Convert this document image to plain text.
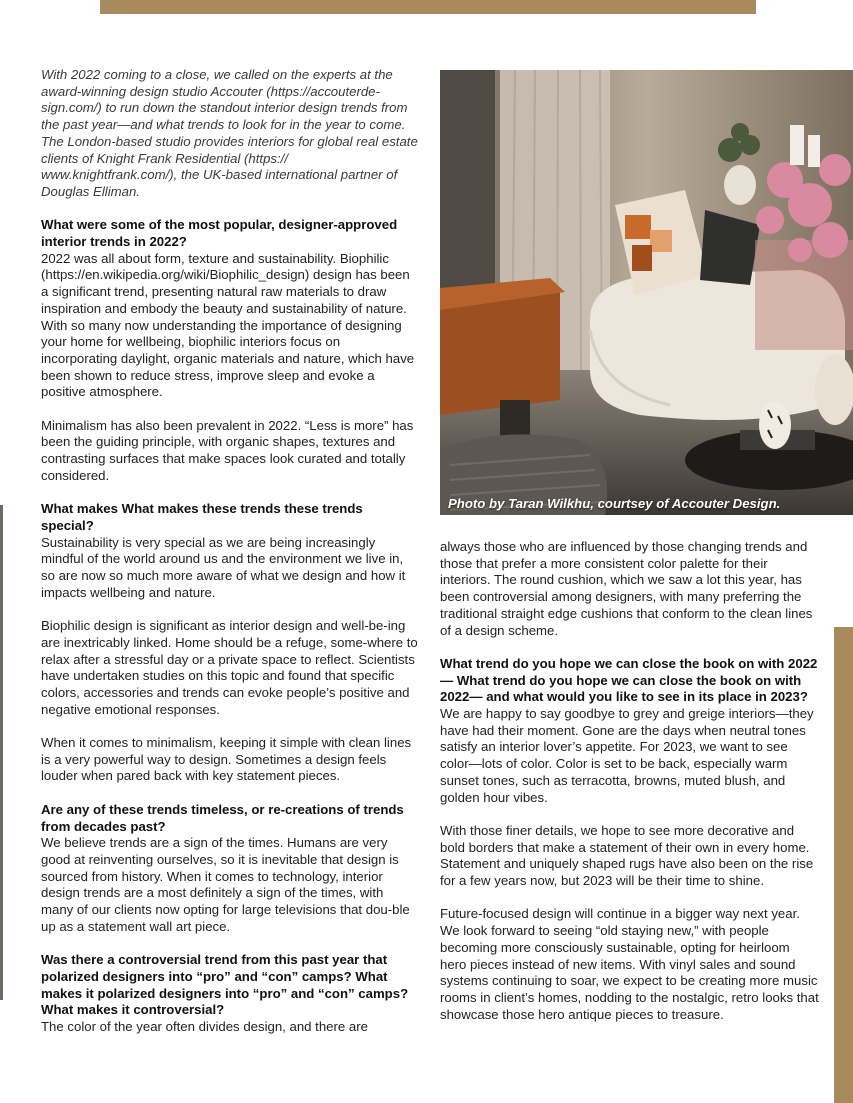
With 2022 coming to a close, we called on the experts at the award-winning design studio Accouter (https://accouterde-sign.com/) to run down the standout interior design trends from the past year—and what trends to look for in the year to come. The London-based studio provides interiors for global real estate clients of Knight Frank Residential (https:// www.knightfrank.com/), the UK-based international partner of Douglas Elliman.

What were some of the most popular, designer-approved interior trends in 2022?

2022 was all about form, texture and sustainability. Biophilic (https://en.wikipedia.org/wiki/Biophilic_design) design has been a significant trend, presenting natural raw materials to draw inspiration and embody the beauty and sustainability of nature. With so many now understanding the importance of designing your home for wellbeing, biophilic interiors focus on incorporating daylight, organic materials and nature, which have been shown to reduce stress, improve sleep and evoke a positive atmosphere.

Minimalism has also been prevalent in 2022. “Less is more” has been the guiding principle, with organic shapes, textures and contrasting surfaces that make spaces look curated and totally considered.

What makes What makes these trends these trends special?

Sustainability is very special as we are being increasingly mindful of the world around us and the environment we live in, so are now so much more aware of what we design and how it impacts wellbeing and nature.

Biophilic design is significant as interior design and well-be-ing are inextricably linked. Home should be a refuge, some-where to relax after a stressful day or a private space to reflect. Scientists have undertaken studies on this topic and found that specific colors, accessories and trends can evoke people’s positive and negative emotional responses.

When it comes to minimalism, keeping it simple with clean lines is a very powerful way to design. Sometimes a design feels louder when pared back with key statement pieces.

Are any of these trends timeless, or re-creations of trends from decades past?

We believe trends are a sign of the times. Humans are very good at reinventing ourselves, so it is inevitable that design is sourced from history. When it comes to technology, interior design trends are a most definitely a sign of the times, with many of our clients now opting for large televisions that dou-ble up as a statement wall art piece.

Was there a controversial trend from this past year that polarized designers into “pro” and “con” camps? What makes it polarized designers into “pro” and “con” camps? What makes it controversial?

The color of the year often divides design, and there are

Photo by Taran Wilkhu, courtsey of Accouter Design.

always those who are influenced by those changing trends and those that prefer a more consistent color palette for their interiors. The round cushion, which we saw a lot this year, has been controversial among designers, with many preferring the traditional straight edge cushions that conform to the clean lines of a design scheme.

What trend do you hope we can close the book on with 2022— What trend do you hope we can close the book on with 2022— and what would you like to see in its place in 2023?

We are happy to say goodbye to grey and greige interiors—they have had their moment. Gone are the days when neutral tones satisfy an interior lover’s appetite. For 2023, we want to see color—lots of color. Color is set to be back, especially warm sunset tones, such as terracotta, browns, muted blush, and golden hour vibes.

With those finer details, we hope to see more decorative and bold borders that make a statement of their own in every home. Statement and uniquely shaped rugs have also been on the rise for a few years now, but 2023 will be their time to shine.

Future-focused design will continue in a bigger way next year. We look forward to seeing “old staying new,” with people becoming more consciously sustainable, opting for heirloom hero pieces instead of new items. With vinyl sales and sound systems continuing to soar, we expect to be creating more music rooms in client’s homes, nodding to the nostalgic, retro looks that showcase those hero antique pieces to treasure.
